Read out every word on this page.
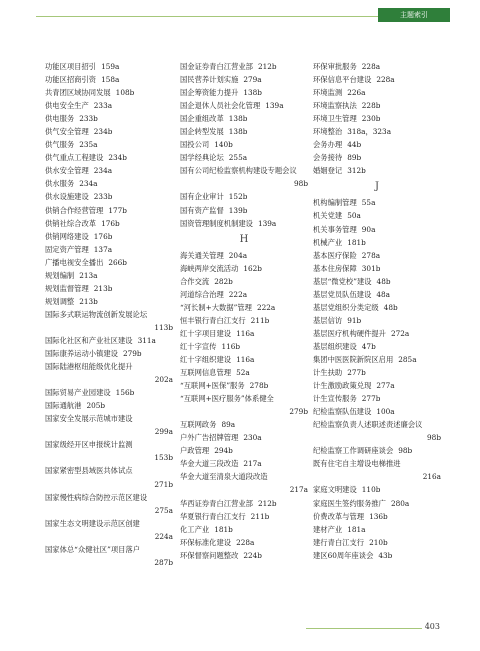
主题索引
功能区项目招引 159a
功能区招商引资 158a
共青团区域协同发展 108b
供电安全生产 233a
供电服务 233b
供气安全管理 234b
供气服务 235a
供气重点工程建设 234b
供水安全管理 234a
供水服务 234a
供水设施建设 233b
供销合作经营管理 177b
供销社综合改革 176b
供销网络建设 176b
固定资产管理 137a
广播电视安全播出 266b
规划编制 213a
规划监督管理 213b
规划调整 213b
国际多式联运物流创新发展论坛
113b
国际化社区和产业社区建设 311a
国际康养运动小镇建设 279b
国际陆港枢纽能级优化提升
202a
国际贸易产业园建设 156b
国际通航港 205b
国家安全发展示范城市建设
299a
国家级经开区申报统计监测
153b
国家紧密型县域医共体试点
271b
国家慢性病综合防控示范区建设
275a
国家生态文明建设示范区创建
224a
国家体总“众健社区”项目落户
287b
国金证券青白江营业部 212b
国民营养计划实施 279a
国企筹资能力提升 138b
国企退休人员社会化管理 139a
国企重组改革 138b
国企转型发展 138b
国投公司 140b
国学经典论坛 255a
国有公司纪检监察机构建设专题会议
98b
国有企业审计 152b
国有资产监督 139b
国资管理制度机制建设 139a
H
海关通关管理 204a
海峡两岸交流活动 162b
合作交流 282b
河道综合治理 222a
“河长制+大数据”管理 222a
恒丰银行青白江支行 211b
红十字项目建设 116a
红十字宣传 116b
红十字组织建设 116a
互联网信息管理 52a
“互联网+医保”服务 278b
“互联网+医疗服务”体系健全
279b
互联网政务 89a
户外广告招牌管理 230a
户政管理 294b
华金大道三段改造 217a
华金大道至清泉大道段改造
217a
华西证券青白江营业部 212b
华夏银行青白江支行 211b
化工产业 181b
环保标准化建设 228a
环保督察问题整改 224b
环保审批服务 228a
环保信息平台建设 228a
环境监测 226a
环境监察执法 228b
环境卫生管理 230b
环境整治 318a，323a
会务办理 44b
会务接待 89b
婚姻登记 312b
J
机构编制管理 55a
机关党建 50a
机关事务管理 90a
机械产业 181b
基本医疗保险 278a
基本住房保障 301b
基层“微党校”建设 48b
基层党员队伍建设 48a
基层党组织分类定级 48b
基层信访 91b
基层医疗机构硬件提升 272a
基层组织建设 47b
集团中医医院新院区启用 285a
计生扶助 277b
计生激励政策兑现 277a
计生宣传服务 277b
纪检监察队伍建设 100a
纪检监察负责人述职述责述廉会议
98b
纪检监察工作调研座谈会 98b
既有住宅自主增设电梯推进
216a
家庭文明建设 110b
家庭医生签约服务推广 280a
价费改革与管理 136b
建材产业 181a
建行青白江支行 210b
建区60周年座谈会 43b
403
